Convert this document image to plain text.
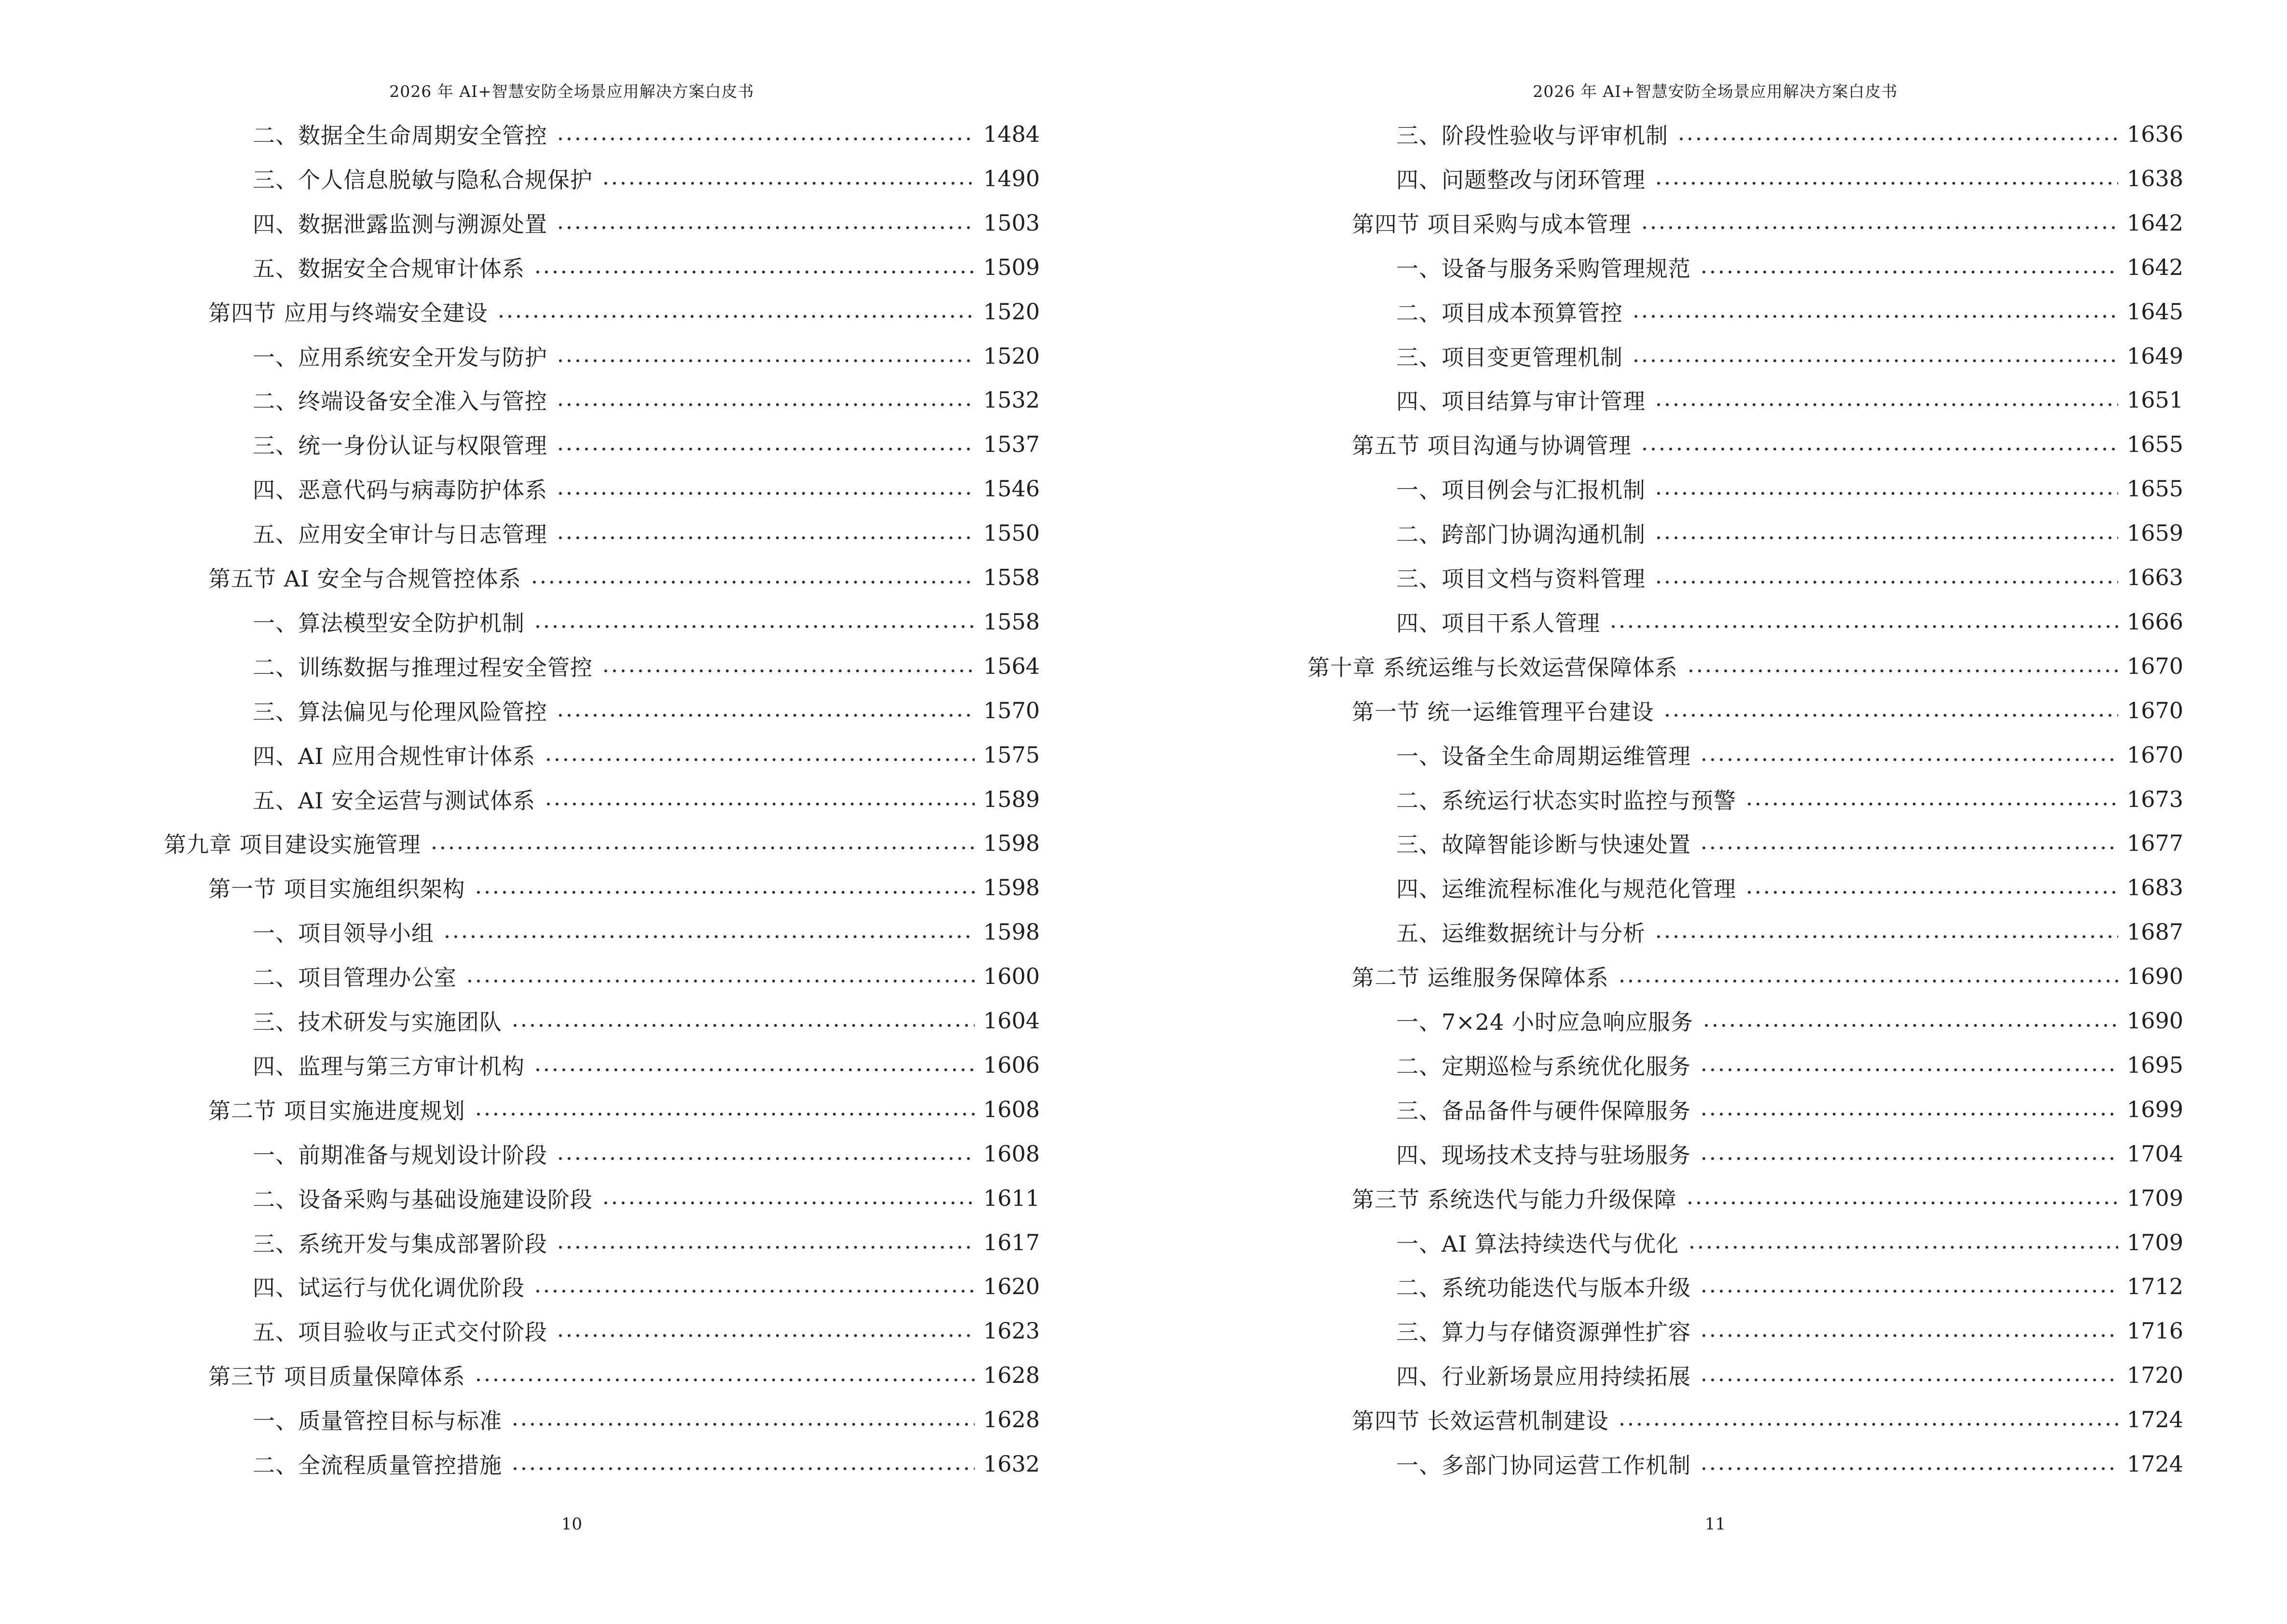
2026 年 AI+智慧安防全场景应用解决方案白皮书
二、数据全生命周期安全管控	1484
三、个人信息脱敏与隐私合规保护	1490
四、数据泄露监测与溯源处置	1503
五、数据安全合规审计体系	1509
第四节 应用与终端安全建设	1520
一、应用系统安全开发与防护	1520
二、终端设备安全准入与管控	1532
三、统一身份认证与权限管理	1537
四、恶意代码与病毒防护体系	1546
五、应用安全审计与日志管理	1550
第五节 AI 安全与合规管控体系	1558
一、算法模型安全防护机制	1558
二、训练数据与推理过程安全管控	1564
三、算法偏见与伦理风险管控	1570
四、AI 应用合规性审计体系	1575
五、AI 安全运营与测试体系	1589
第九章 项目建设实施管理	1598
第一节 项目实施组织架构	1598
一、项目领导小组	1598
二、项目管理办公室	1600
三、技术研发与实施团队	1604
四、监理与第三方审计机构	1606
第二节 项目实施进度规划	1608
一、前期准备与规划设计阶段	1608
二、设备采购与基础设施建设阶段	1611
三、系统开发与集成部署阶段	1617
四、试运行与优化调优阶段	1620
五、项目验收与正式交付阶段	1623
第三节 项目质量保障体系	1628
一、质量管控目标与标准	1628
二、全流程质量管控措施	1632
10
2026 年 AI+智慧安防全场景应用解决方案白皮书
三、阶段性验收与评审机制	1636
四、问题整改与闭环管理	1638
第四节 项目采购与成本管理	1642
一、设备与服务采购管理规范	1642
二、项目成本预算管控	1645
三、项目变更管理机制	1649
四、项目结算与审计管理	1651
第五节 项目沟通与协调管理	1655
一、项目例会与汇报机制	1655
二、跨部门协调沟通机制	1659
三、项目文档与资料管理	1663
四、项目干系人管理	1666
第十章 系统运维与长效运营保障体系	1670
第一节 统一运维管理平台建设	1670
一、设备全生命周期运维管理	1670
二、系统运行状态实时监控与预警	1673
三、故障智能诊断与快速处置	1677
四、运维流程标准化与规范化管理	1683
五、运维数据统计与分析	1687
第二节 运维服务保障体系	1690
一、7×24 小时应急响应服务	1690
二、定期巡检与系统优化服务	1695
三、备品备件与硬件保障服务	1699
四、现场技术支持与驻场服务	1704
第三节 系统迭代与能力升级保障	1709
一、AI 算法持续迭代与优化	1709
二、系统功能迭代与版本升级	1712
三、算力与存储资源弹性扩容	1716
四、行业新场景应用持续拓展	1720
第四节 长效运营机制建设	1724
一、多部门协同运营工作机制	1724
11
